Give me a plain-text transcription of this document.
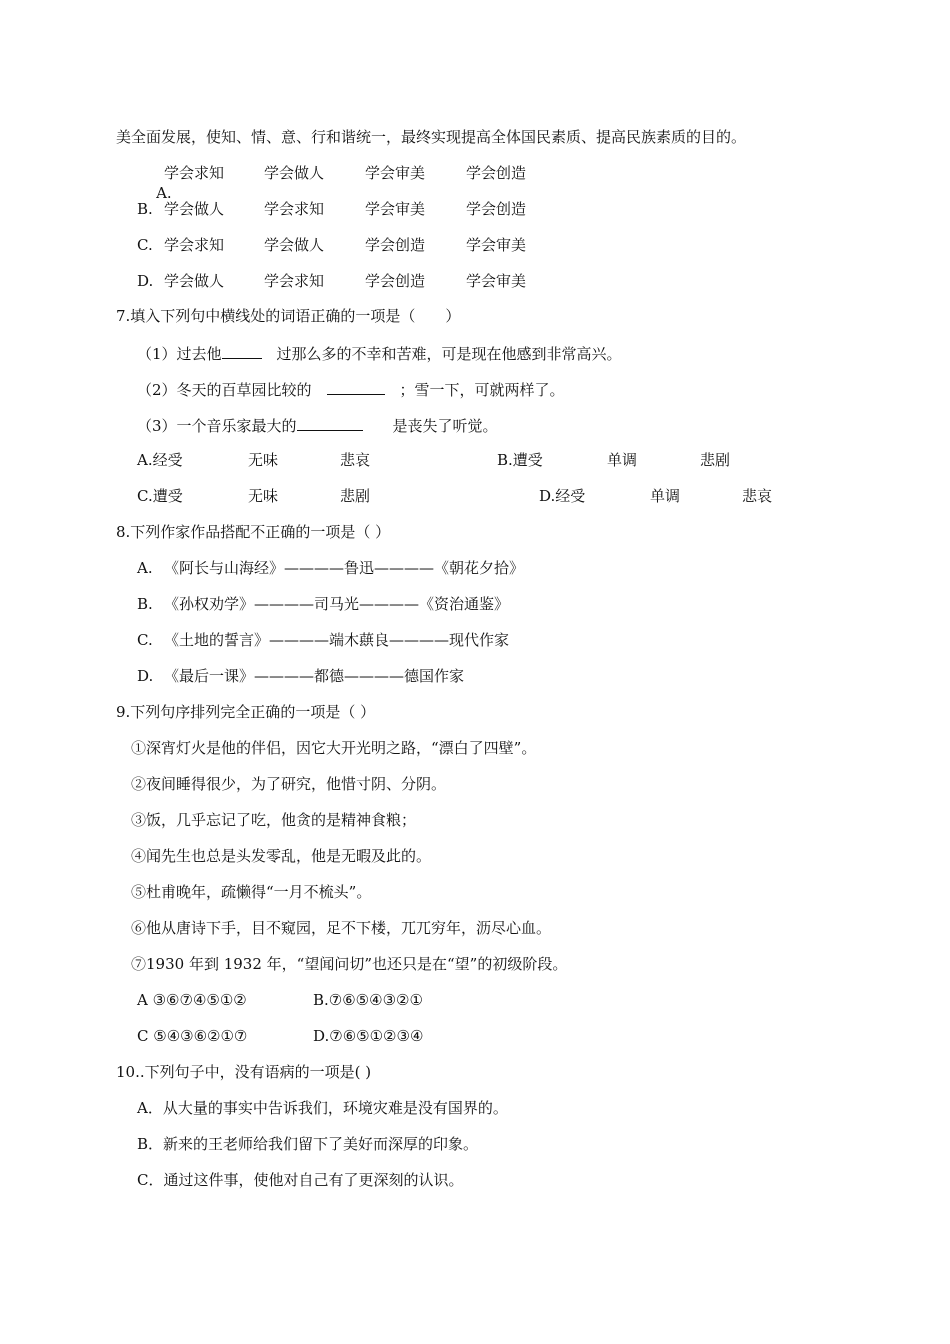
美全面发展，使知、情、意、行和谐统一，最终实现提高全体国民素质、提高民族素质的目的。

A.

学会求知	学会做人	学会审美	学会创造
B. 学会做人	学会求知	学会审美	学会创造
C. 学会求知	学会做人	学会创造	学会审美
D. 学会做人	学会求知	学会创造	学会审美
7.填入下列句中横线处的词语正确的一项是（　　）
（1）过去他 	过那么多的不幸和苦难，可是现在他感到非常高兴。
（2）冬天的百草园比较的  	；雪一下，可就两样了。
（3）一个音乐家最大的  	是丧失了听觉。
A.经受	无味	悲哀	B.遭受	单调	悲剧
C.遭受	无味	悲剧	D.经受	单调	悲哀
8.下列作家作品搭配不正确的一项是（ ）
A. 《阿长与山海经》————鲁迅————《朝花夕拾》
B. 《孙权劝学》————司马光————《资治通鉴》
C. 《土地的誓言》————端木蕻良————现代作家
D. 《最后一课》————都德————德国作家
9.下列句序排列完全正确的一项是（ ）
①深宵灯火是他的伴侣，因它大开光明之路，“漂白了四壁”。
②夜间睡得很少，为了研究，他惜寸阴、分阴。
③饭，几乎忘记了吃，他贪的是精神食粮；
④闻先生也总是头发零乱，他是无暇及此的。
⑤杜甫晚年，疏懒得“一月不梳头”。
⑥他从唐诗下手，目不窥园，足不下楼，兀兀穷年，沥尽心血。
⑦1930 年到 1932 年，“望闻问切”也还只是在“望”的初级阶段。
A ③⑥⑦④⑤①②	B.⑦⑥⑤④③②①
C ⑤④③⑥②①⑦	D.⑦⑥⑤①②③④
10..下列句子中，没有语病的一项是( )
A．从大量的事实中告诉我们，环境灾难是没有国界的。
B．新来的王老师给我们留下了美好而深厚的印象。
C．通过这件事，使他对自己有了更深刻的认识。
